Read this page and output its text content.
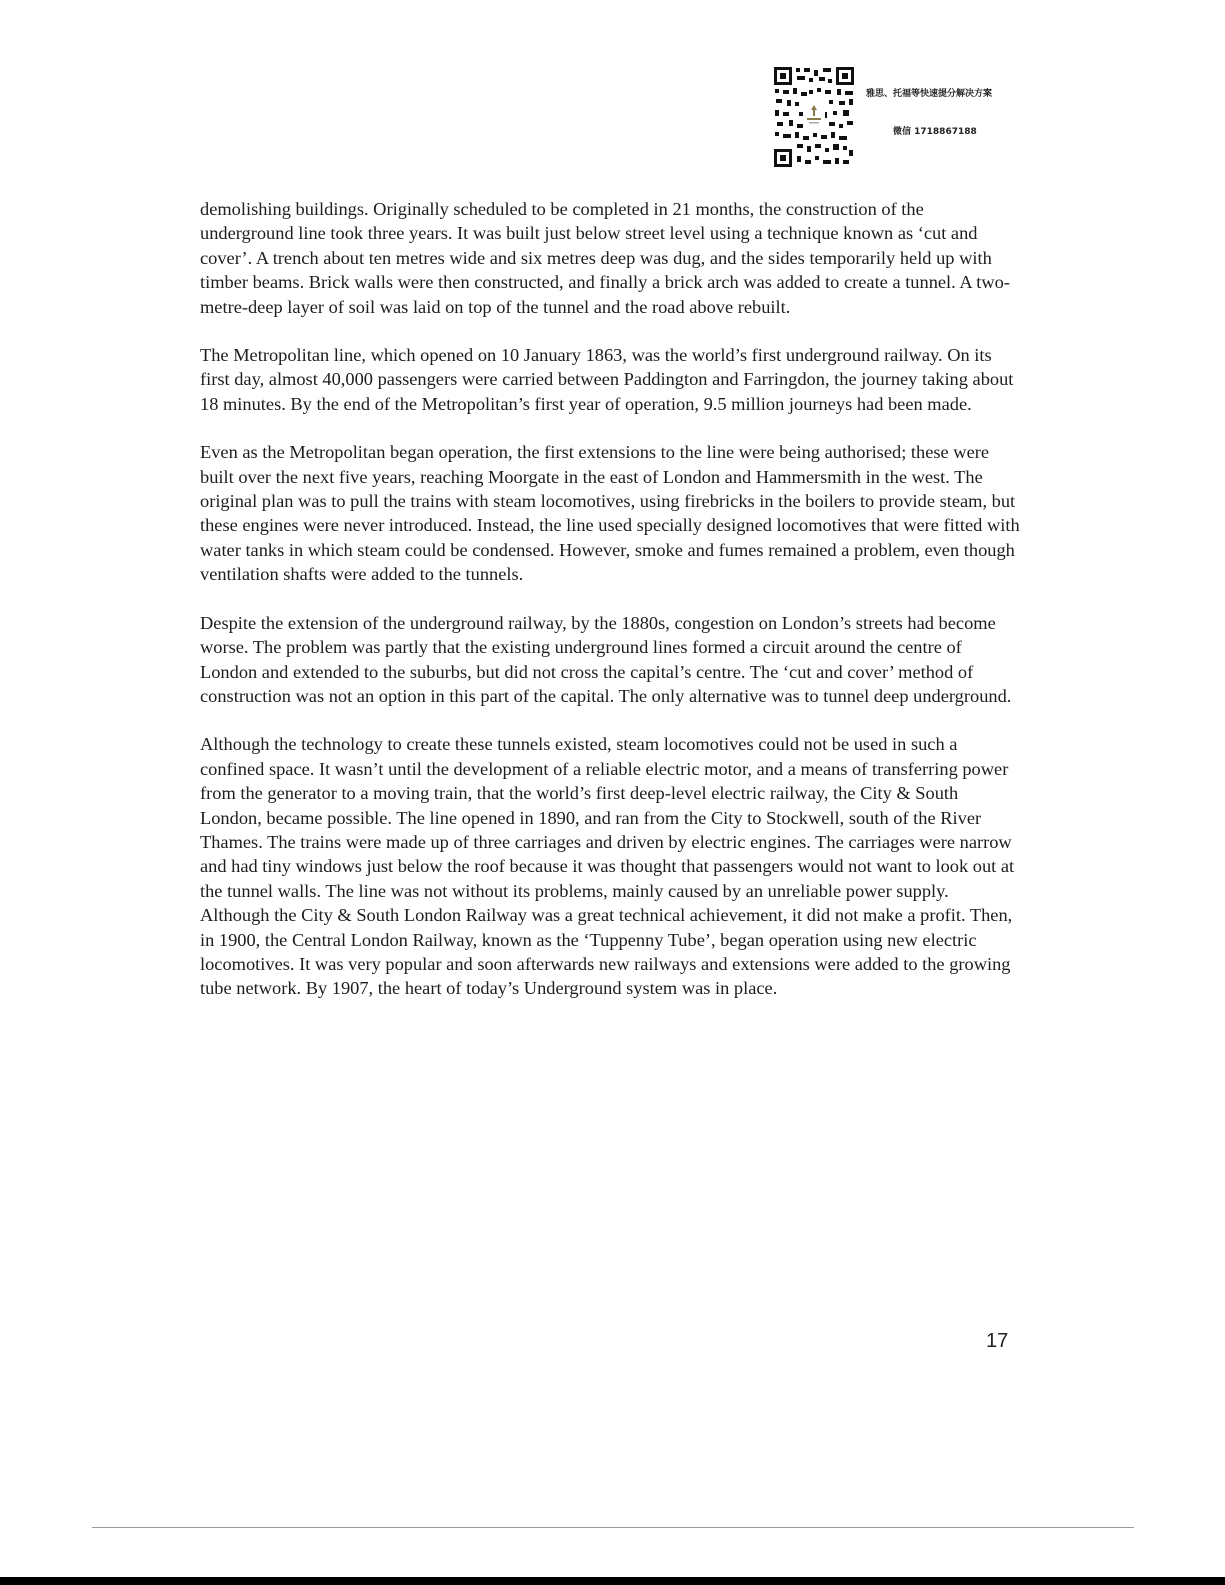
雅思、托福等快速提分解决方案
微信 1718867188

demolishing buildings. Originally scheduled to be completed in 21 months, the construction of the underground line took three years. It was built just below street level using a technique known as ‘cut and cover’. A trench about ten metres wide and six metres deep was dug, and the sides temporarily held up with timber beams. Brick walls were then constructed, and finally a brick arch was added to create a tunnel. A two-metre-deep layer of soil was laid on top of the tunnel and the road above rebuilt.

The Metropolitan line, which opened on 10 January 1863, was the world’s first underground railway. On its first day, almost 40,000 passengers were carried between Paddington and Farringdon, the journey taking about 18 minutes. By the end of the Metropolitan’s first year of operation, 9.5 million journeys had been made.

Even as the Metropolitan began operation, the first extensions to the line were being authorised; these were built over the next five years, reaching Moorgate in the east of London and Hammersmith in the west. The original plan was to pull the trains with steam locomotives, using firebricks in the boilers to provide steam, but these engines were never introduced. Instead, the line used specially designed locomotives that were fitted with water tanks in which steam could be condensed. However, smoke and fumes remained a problem, even though ventilation shafts were added to the tunnels.

Despite the extension of the underground railway, by the 1880s, congestion on London’s streets had become worse. The problem was partly that the existing underground lines formed a circuit around the centre of London and extended to the suburbs, but did not cross the capital’s centre. The ‘cut and cover’ method of construction was not an option in this part of the capital. The only alternative was to tunnel deep underground.

Although the technology to create these tunnels existed, steam locomotives could not be used in such a confined space. It wasn’t until the development of a reliable electric motor, and a means of transferring power from the generator to a moving train, that the world’s first deep-level electric railway, the City & South London, became possible. The line opened in 1890, and ran from the City to Stockwell, south of the River Thames. The trains were made up of three carriages and driven by electric engines. The carriages were narrow and had tiny windows just below the roof because it was thought that passengers would not want to look out at the tunnel walls. The line was not without its problems, mainly caused by an unreliable power supply. Although the City & South London Railway was a great technical achievement, it did not make a profit. Then, in 1900, the Central London Railway, known as the ‘Tuppenny Tube’, began operation using new electric locomotives. It was very popular and soon afterwards new railways and extensions were added to the growing tube network. By 1907, the heart of today’s Underground system was in place.

17
